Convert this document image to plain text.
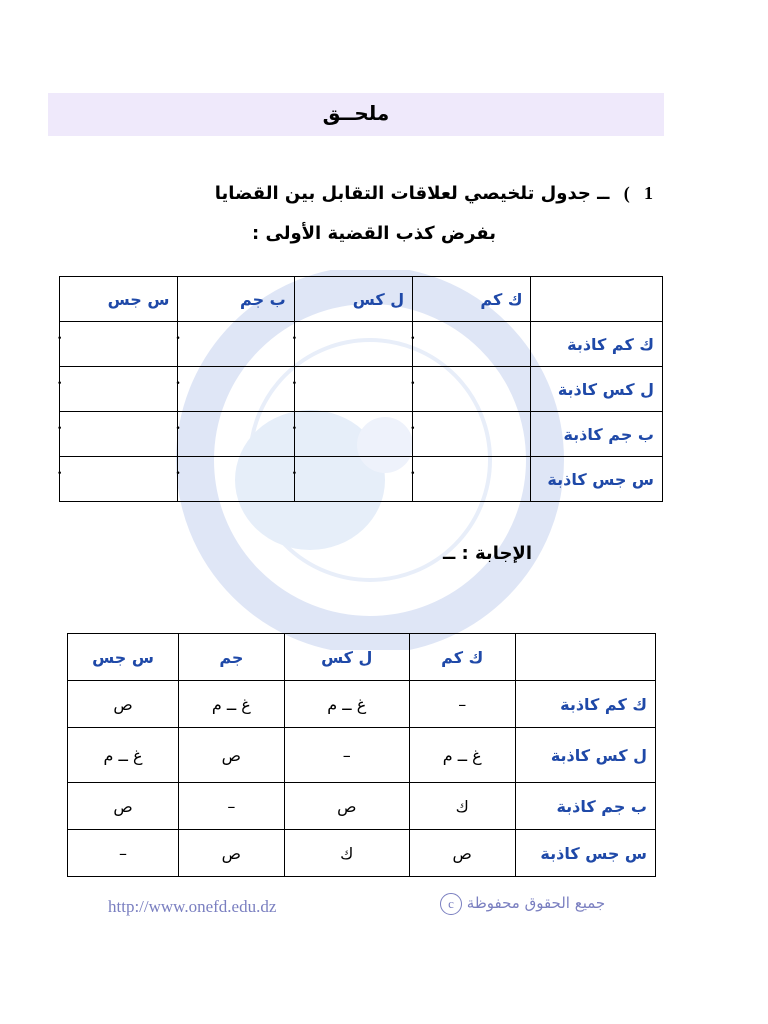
ملحــق
1 ) ــ جدول تلخيصي لعلاقات التقابل بين القضايا
بفرض كذب القضية الأولى :
	ك كم	ل كس	ب جم	س جس
ك كم كاذبة	•	•	•	•
ل كس كاذبة	•	•	•	•
ب جم كاذبة	•	•	•	•
س جس كاذبة	•	•	•	•
الإجابة : ــ
	ك كم	ل كس	جم	س جس
ك كم كاذبة	–	غ ــ م	غ ــ م	ص
ل كس كاذبة	غ ــ م	–	ص	غ ــ م
ب جم كاذبة	ك	ص	–	ص
س جس كاذبة	ص	ك	ص	–
http://www.onefd.edu.dz	جميع الحقوق محفوظة c
